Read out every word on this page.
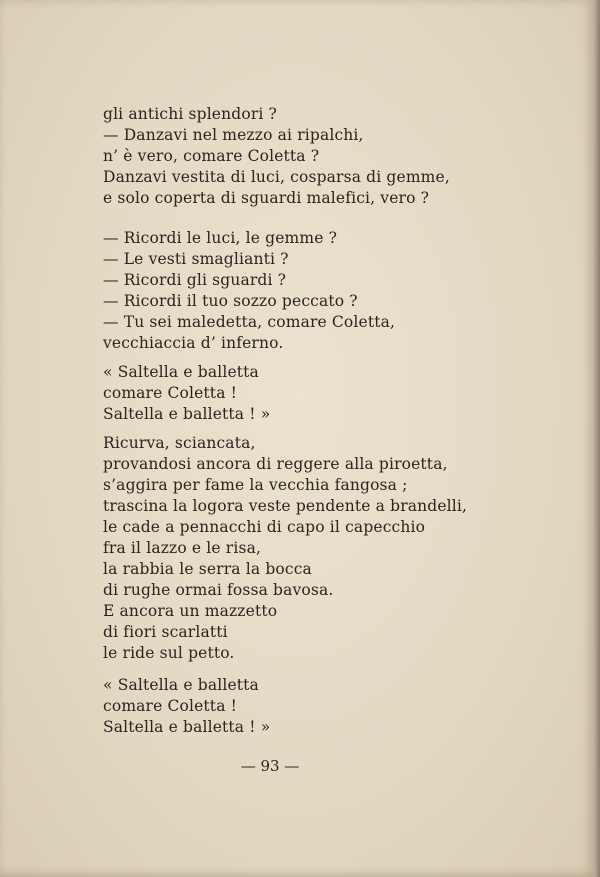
gli antichi splendori ?
— Danzavi nel mezzo ai ripalchi,
n’ è vero, comare Coletta ?
Danzavi vestita di luci, cosparsa di gemme,
e solo coperta di sguardi malefici, vero ?
— Ricordi le luci, le gemme ?
— Le vesti smaglianti ?
— Ricordi gli sguardi ?
— Ricordi il tuo sozzo peccato ?
— Tu sei maledetta, comare Coletta,
vecchiaccia d’ inferno.
« Saltella e balletta
comare Coletta !
Saltella e balletta ! »
Ricurva, sciancata,
provandosi ancora di reggere alla piroetta,
s’aggira per fame la vecchia fangosa ;
trascina la logora veste pendente a brandelli,
le cade a pennacchi di capo il capecchio
fra il lazzo e le risa,
la rabbia le serra la bocca
di rughe ormai fossa bavosa.
E ancora un mazzetto
di fiori scarlatti
le ride sul petto.
« Saltella e balletta
comare Coletta !
Saltella e balletta ! »
— 93 —
